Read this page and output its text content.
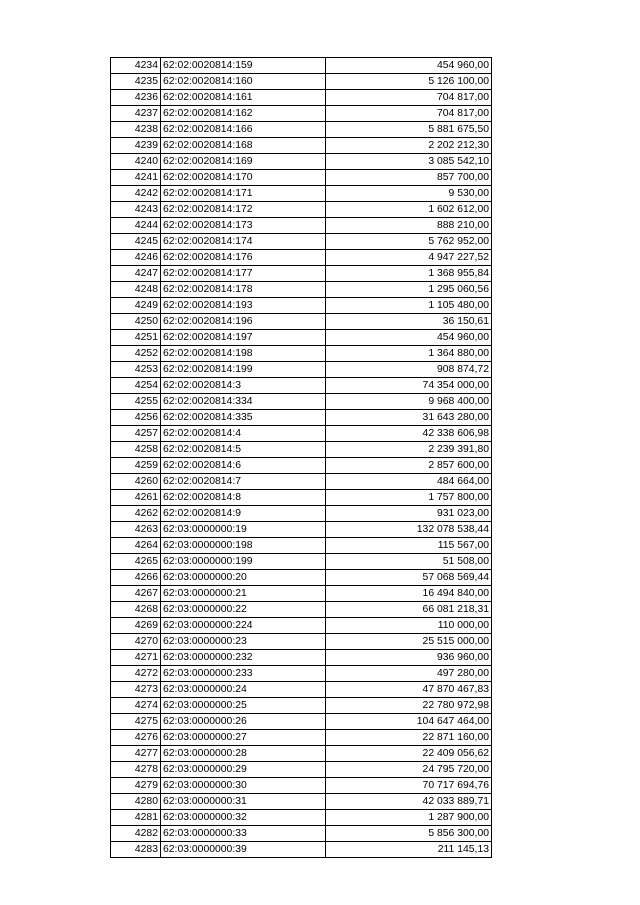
4234	62:02:0020814:159	454 960,00
4235	62:02:0020814:160	5 126 100,00
4236	62:02:0020814:161	704 817,00
4237	62:02:0020814:162	704 817,00
4238	62:02:0020814:166	5 881 675,50
4239	62:02:0020814:168	2 202 212,30
4240	62:02:0020814:169	3 085 542,10
4241	62:02:0020814:170	857 700,00
4242	62:02:0020814:171	9 530,00
4243	62:02:0020814:172	1 602 612,00
4244	62:02:0020814:173	888 210,00
4245	62:02:0020814:174	5 762 952,00
4246	62:02:0020814:176	4 947 227,52
4247	62:02:0020814:177	1 368 955,84
4248	62:02:0020814:178	1 295 060,56
4249	62:02:0020814:193	1 105 480,00
4250	62:02:0020814:196	36 150,61
4251	62:02:0020814:197	454 960,00
4252	62:02:0020814:198	1 364 880,00
4253	62:02:0020814:199	908 874,72
4254	62:02:0020814:3	74 354 000,00
4255	62:02:0020814:334	9 968 400,00
4256	62:02:0020814:335	31 643 280,00
4257	62:02:0020814:4	42 338 606,98
4258	62:02:0020814:5	2 239 391,80
4259	62:02:0020814:6	2 857 600,00
4260	62:02:0020814:7	484 664,00
4261	62:02:0020814:8	1 757 800,00
4262	62:02:0020814:9	931 023,00
4263	62:03:0000000:19	132 078 538,44
4264	62:03:0000000:198	115 567,00
4265	62:03:0000000:199	51 508,00
4266	62:03:0000000:20	57 068 569,44
4267	62:03:0000000:21	16 494 840,00
4268	62:03:0000000:22	66 081 218,31
4269	62:03:0000000:224	110 000,00
4270	62:03:0000000:23	25 515 000,00
4271	62:03:0000000:232	936 960,00
4272	62:03:0000000:233	497 280,00
4273	62:03:0000000:24	47 870 467,83
4274	62:03:0000000:25	22 780 972,98
4275	62:03:0000000:26	104 647 464,00
4276	62:03:0000000:27	22 871 160,00
4277	62:03:0000000:28	22 409 056,62
4278	62:03:0000000:29	24 795 720,00
4279	62:03:0000000:30	70 717 694,76
4280	62:03:0000000:31	42 033 889,71
4281	62:03:0000000:32	1 287 900,00
4282	62:03:0000000:33	5 856 300,00
4283	62:03:0000000:39	211 145,13
